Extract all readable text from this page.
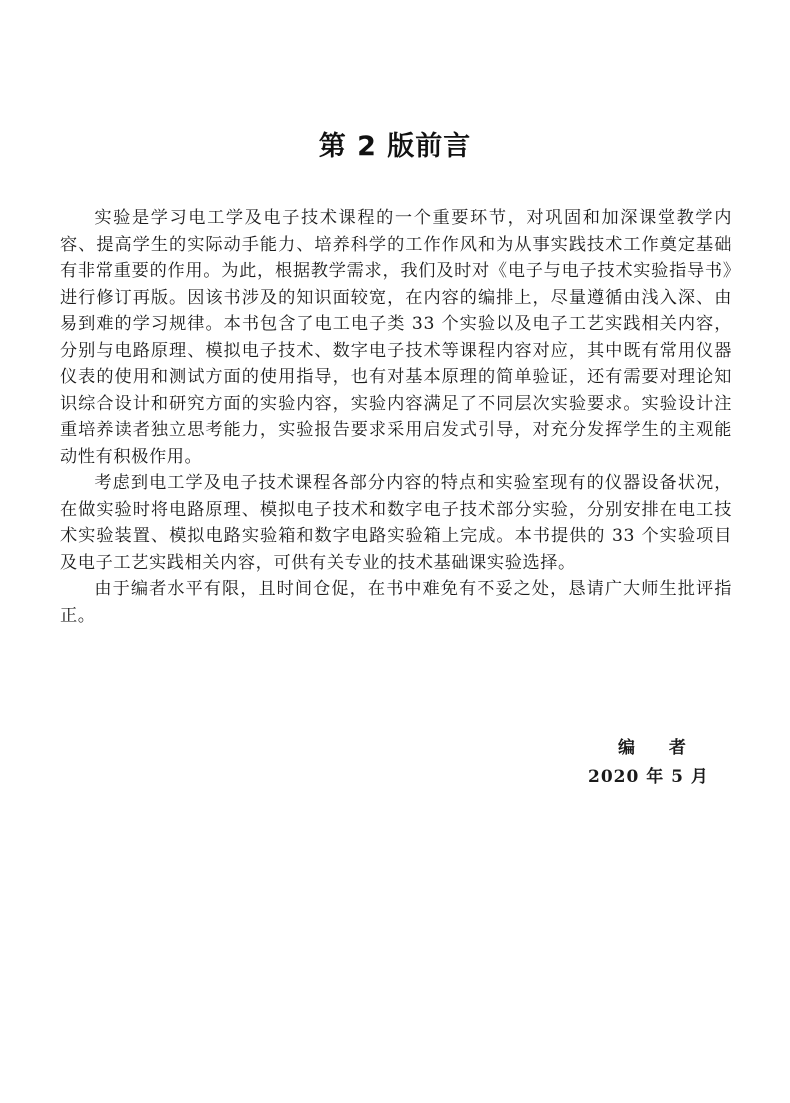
第 2 版前言

实验是学习电工学及电子技术课程的一个重要环节，对巩固和加深课堂教学内容、提高学生的实际动手能力、培养科学的工作作风和为从事实践技术工作奠定基础有非常重要的作用。为此，根据教学需求，我们及时对《电子与电子技术实验指导书》进行修订再版。因该书涉及的知识面较宽，在内容的编排上，尽量遵循由浅入深、由易到难的学习规律。本书包含了电工电子类 33 个实验以及电子工艺实践相关内容，分别与电路原理、模拟电子技术、数字电子技术等课程内容对应，其中既有常用仪器仪表的使用和测试方面的使用指导，也有对基本原理的简单验证，还有需要对理论知识综合设计和研究方面的实验内容，实验内容满足了不同层次实验要求。实验设计注重培养读者独立思考能力，实验报告要求采用启发式引导，对充分发挥学生的主观能动性有积极作用。

考虑到电工学及电子技术课程各部分内容的特点和实验室现有的仪器设备状况，在做实验时将电路原理、模拟电子技术和数字电子技术部分实验，分别安排在电工技术实验装置、模拟电路实验箱和数字电路实验箱上完成。本书提供的 33 个实验项目及电子工艺实践相关内容，可供有关专业的技术基础课实验选择。

由于编者水平有限，且时间仓促，在书中难免有不妥之处，恳请广大师生批评指正。

编 者
2020 年 5 月
